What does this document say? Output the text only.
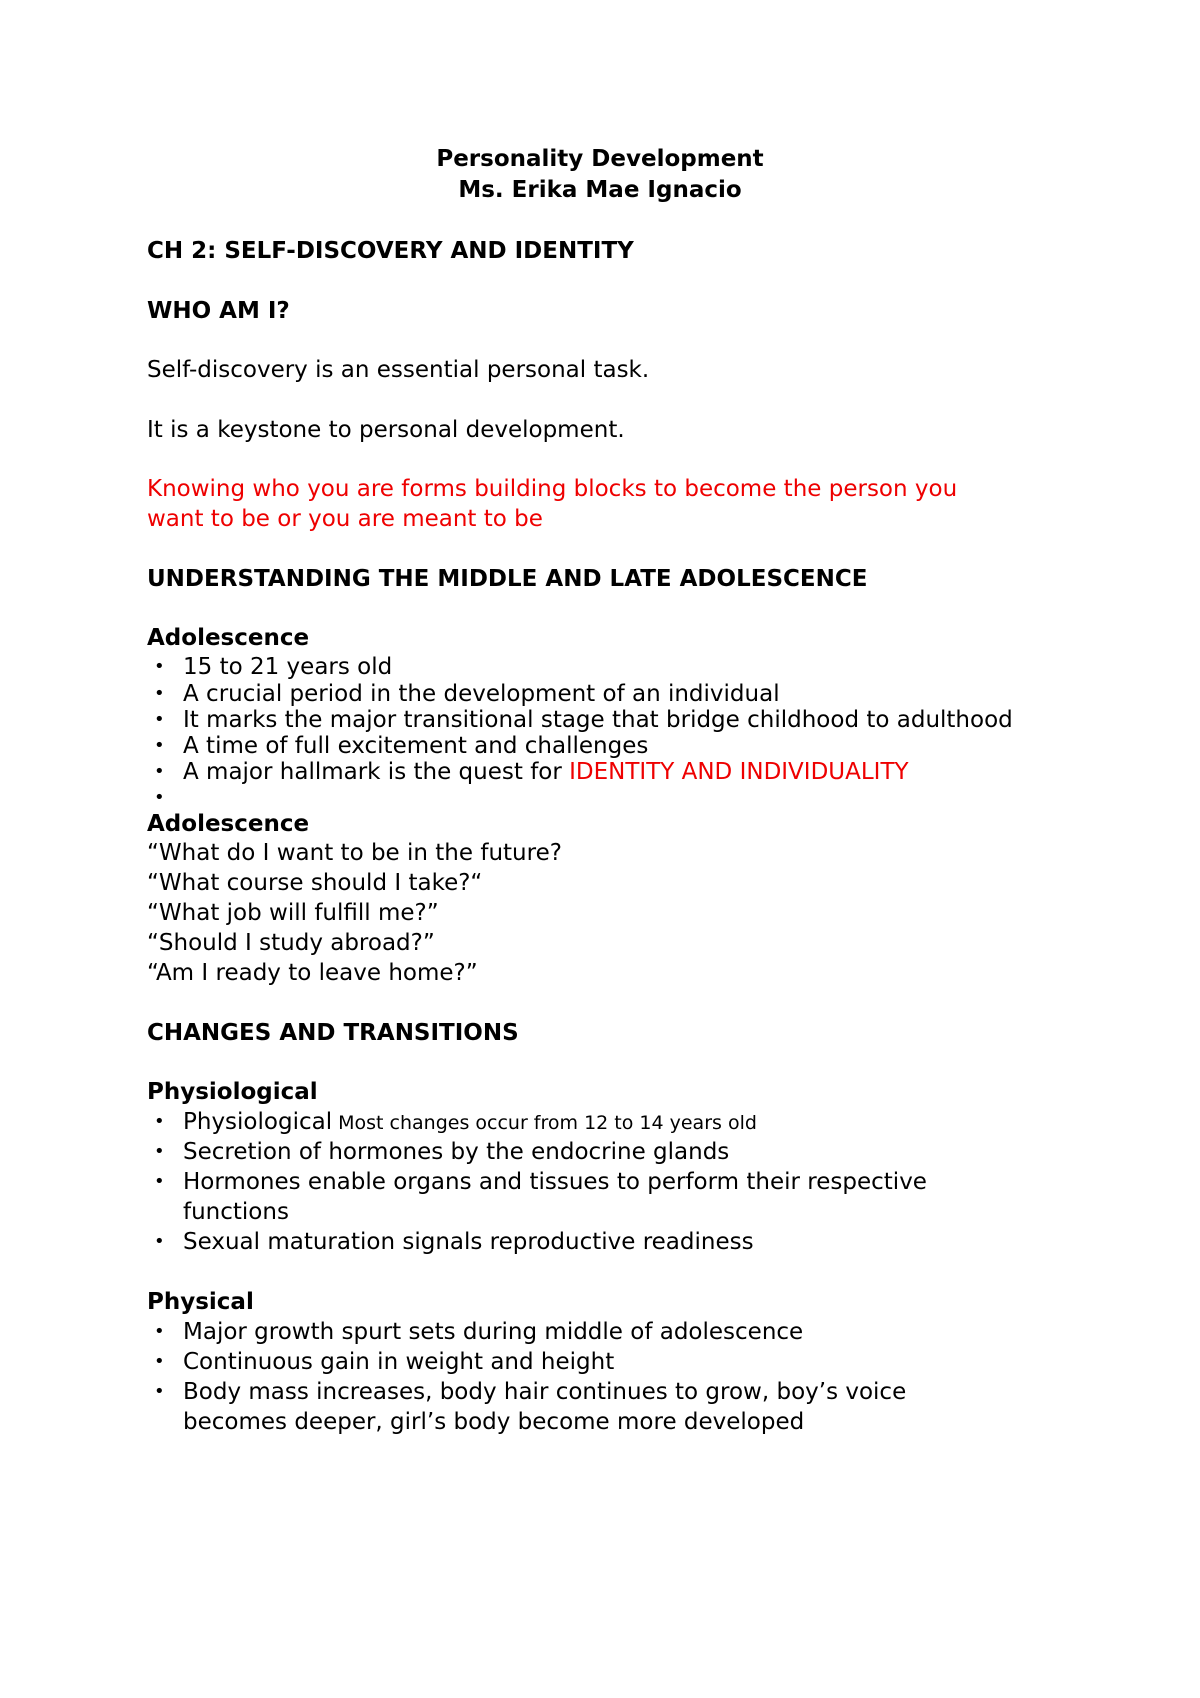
Personality Development
Ms. Erika Mae Ignacio
CH 2: SELF-DISCOVERY AND IDENTITY
WHO AM I?
Self-discovery is an essential personal task.
It is a keystone to personal development.
Knowing who you are forms building blocks to become the person you
want to be or you are meant to be
UNDERSTANDING THE MIDDLE AND LATE ADOLESCENCE
Adolescence
• 15 to 21 years old
• A crucial period in the development of an individual
• It marks the major transitional stage that bridge childhood to adulthood
• A time of full excitement and challenges
• A major hallmark is the quest for IDENTITY AND INDIVIDUALITY
•
Adolescence
“What do I want to be in the future?
“What course should I take?“
“What job will fulfill me?”
“Should I study abroad?”
“Am I ready to leave home?”
CHANGES AND TRANSITIONS
Physiological
• Physiological Most changes occur from 12 to 14 years old
• Secretion of hormones by the endocrine glands
• Hormones enable organs and tissues to perform their respective
functions
• Sexual maturation signals reproductive readiness
Physical
• Major growth spurt sets during middle of adolescence
• Continuous gain in weight and height
• Body mass increases, body hair continues to grow, boy’s voice
becomes deeper, girl’s body become more developed
